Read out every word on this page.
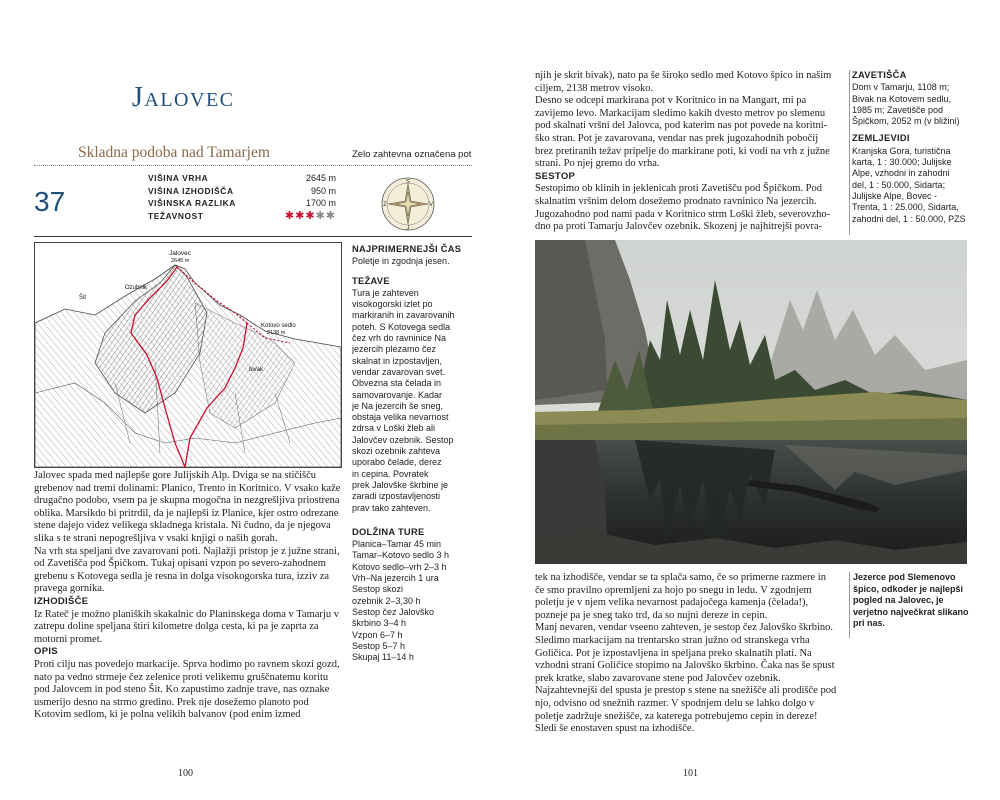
Jalovec
Skladna podoba nad Tamarjem	Zelo zahtevna označena pot
37
VIŠINA VRHA	2645 m
VIŠINA IZHODIŠČA	950 m
VIŠINSKA RAZLIKA	1700 m
TEŽAVNOST	✱✱✱✱✱
S
J
V
Z
Jalovec
2645 m
Šit
Ozubnik
Kotovo sedlo
2138 m
bivak
NAJPRIMERNEJŠI ČAS
Poletje in zgodnja jesen.
TEŽAVE
Tura je zahteven
visokogorski izlet po
markiranih in zavarovanih
poteh. S Kotovega sedla
čez vrh do ravninice Na
jezercih plezamo čez
skalnat in izpostavljen,
vendar zavarovan svet.
Obvezna sta čelada in
samovarovanje. Kadar
je Na jezercih še sneg,
obstaja velika nevarnost
zdrsa v Loški žleb ali
Jalovčev ozebnik. Sestop
skozi ozebnik zahteva
uporabo čelade, derez
in cepina. Povratek
prek Jalovške škrbine je
zaradi izpostavljenosti
prav tako zahteven.
DOLŽINA TURE
Planica–Tamar 45 min
Tamar–Kotovo sedlo 3 h
Kotovo sedlo–vrh 2–3 h
Vrh–Na jezercih 1 ura
Sestop skozi
ozebnik 2–3,30 h
Sestop čez Jalovško
škrbino 3–4 h
Vzpon 6–7 h
Sestop 5–7 h
Skupaj 11–14 h

Jalovec spada med najlepše gore Julijskih Alp. Dviga se na stičišču grebenov nad tremi dolinami: Planico, Trento in Koritnico. V vsako kaže drugačno podobo, vsem pa je skupna mogočna in nezgrešljiva priostrena oblika. Marsikdo bi pritrdil, da je najlepši iz Planice, kjer ostro odrezane stene dajejo videz velikega skladnega kristala. Ni čudno, da je njegova slika s te strani nepogrešljiva v vsaki knjigi o naših gorah.

Na vrh sta speljani dve zavarovani poti. Najlažji pristop je z južne strani, od Zavetišča pod Špičkom. Tukaj opisani vzpon po severo-zahodnem grebenu s Kotovega sedla je resna in dolga visokogorska tura, izziv za pravega gornika.

IZHODIŠČE

Iz Rateč je možno planiških skakalnic do Planinskega doma v Tamarju v zatrepu doline speljana štiri kilometre dolga cesta, ki pa je zaprta za motorni promet.

OPIS

Proti cilju nas povedejo markacije. Sprva hodimo po ravnem skozi gozd, nato pa vedno strmeje čez zelenice proti velikemu gruščnatemu koritu pod Jalovcem in pod steno Šit. Ko zapustimo zadnje trave, nas oznake usmerijo desno na strmo gredino. Prek nje dosežemo planoto pod Kotovim sedlom, ki je polna velikih balvanov (pod enim izmed

100

njih je skrit bivak), nato pa še široko sedlo med Kotovo špico in našim ciljem, 2138 metrov visoko.

Desno se odcepi markirana pot v Koritnico in na Mangart, mi pa zavijemo levo. Markacijam sledimo kakih dvesto metrov po slemenu pod skalnati vršni del Jalovca, pod katerim nas pot povede na koritni-ško stran. Pot je zavarovana, vendar nas prek jugozahodnih pobočij brez pretiranih težav pripelje do markirane poti, ki vodi na vrh z južne strani. Po njej gremo do vrha.

SESTOP

Sestopimo ob klinih in jeklenicah proti Zavetišču pod Špičkom. Pod skalnatim vršnim delom dosežemo prodnato ravninico Na jezercih. Jugozahodno pod nami pada v Koritnico strm Loški žleb, severovzho-dno pa proti Tamarju Jalovčev ozebnik. Skozenj je najhitrejši povra-

ZAVETIŠČA
Dom v Tamarju, 1108 m;
Bivak na Kotovem sedlu,
1985 m; Zavetišče pod
Špičkom, 2052 m (v bližini)
ZEMLJEVIDI
Kranjska Gora, turistična
karta, 1 : 30.000; Julijske
Alpe, vzhodni in zahodni
del, 1 : 50.000, Sidarta;
Julijske Alpe, Bovec -
Trenta, 1 : 25.000, Sidarta,
zahodni del, 1 : 50.000, PZS

tek na izhodišče, vendar se ta splača samo, če so primerne razmere in če smo pravilno opremljeni za hojo po snegu in ledu. V zgodnjem poletju je v njem velika nevarnost padajočega kamenja (čelada!), pozneje pa je sneg tako trd, da so nujni dereze in cepin.

Manj nevaren, vendar vseeno zahteven, je sestop čez Jalovško škrbino. Sledimo markacijam na trentarsko stran južno od stranskega vrha Goličica. Pot je izpostavljena in speljana preko skalnatih plati. Na vzhodni strani Goličice stopimo na Jalovško škrbino. Čaka nas še spust prek kratke, slabo zavarovane stene pod Jalovčev ozebnik. Najzahtevnejši del spusta je prestop s stene na snežišče ali prodišče pod njo, odvisno od snežnih razmer. V spodnjem delu se lahko dolgo v poletje zadržuje snežišče, za katerega potrebujemo cepin in dereze! Sledi še enostaven spust na izhodišče.

Jezerce pod Slemenovo špico, odkoder je najlepši pogled na Jalovec, je verjetno največkrat slikano pri nas.
101
